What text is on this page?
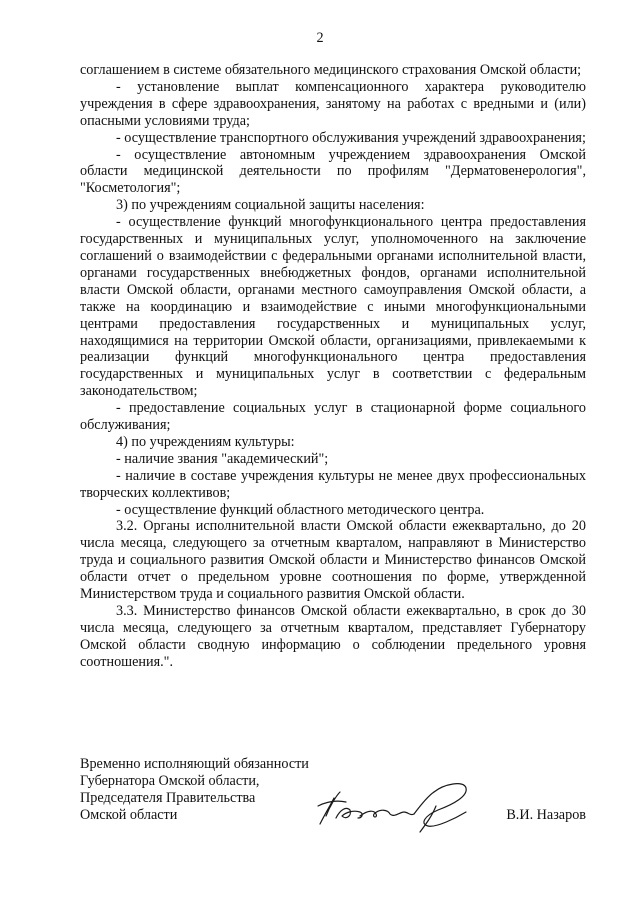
2

соглашением в системе обязательного медицинского страхования Омской области;

- установление выплат компенсационного характера руководителю учреждения в сфере здравоохранения, занятому на работах с вредными и (или) опасными условиями труда;

- осуществление транспортного обслуживания учреждений здравоохранения;

- осуществление автономным учреждением здравоохранения Омской области медицинской деятельности по профилям "Дерматовенерология", "Косметология";

3) по учреждениям социальной защиты населения:

- осуществление функций многофункционального центра предоставления государственных и муниципальных услуг, уполномоченного на заключение соглашений о взаимодействии с федеральными органами исполнительной власти, органами государственных внебюджетных фондов, органами исполнительной власти Омской области, органами местного самоуправления Омской области, а также на координацию и взаимодействие с иными многофункциональными центрами предоставления государственных и муниципальных услуг, находящимися на территории Омской области, организациями, привлекаемыми к реализации функций многофункционального центра предоставления государственных и муниципальных услуг в соответствии с федеральным законодательством;

- предоставление социальных услуг в стационарной форме социального обслуживания;

4) по учреждениям культуры:

- наличие звания "академический";

- наличие в составе учреждения культуры не менее двух профессиональных творческих коллективов;

- осуществление функций областного методического центра.

3.2. Органы исполнительной власти Омской области ежеквартально, до 20 числа месяца, следующего за отчетным кварталом, направляют в Министерство труда и социального развития Омской области и Министерство финансов Омской области отчет о предельном уровне соотношения по форме, утвержденной Министерством труда и социального развития Омской области.

3.3. Министерство финансов Омской области ежеквартально, в срок до 30 числа месяца, следующего за отчетным кварталом, представляет Губернатору Омской области сводную информацию о соблюдении предельного уровня соотношения.".

Временно исполняющий обязанности
Губернатора Омской области,
Председателя Правительства
Омской области	В.И. Назаров
